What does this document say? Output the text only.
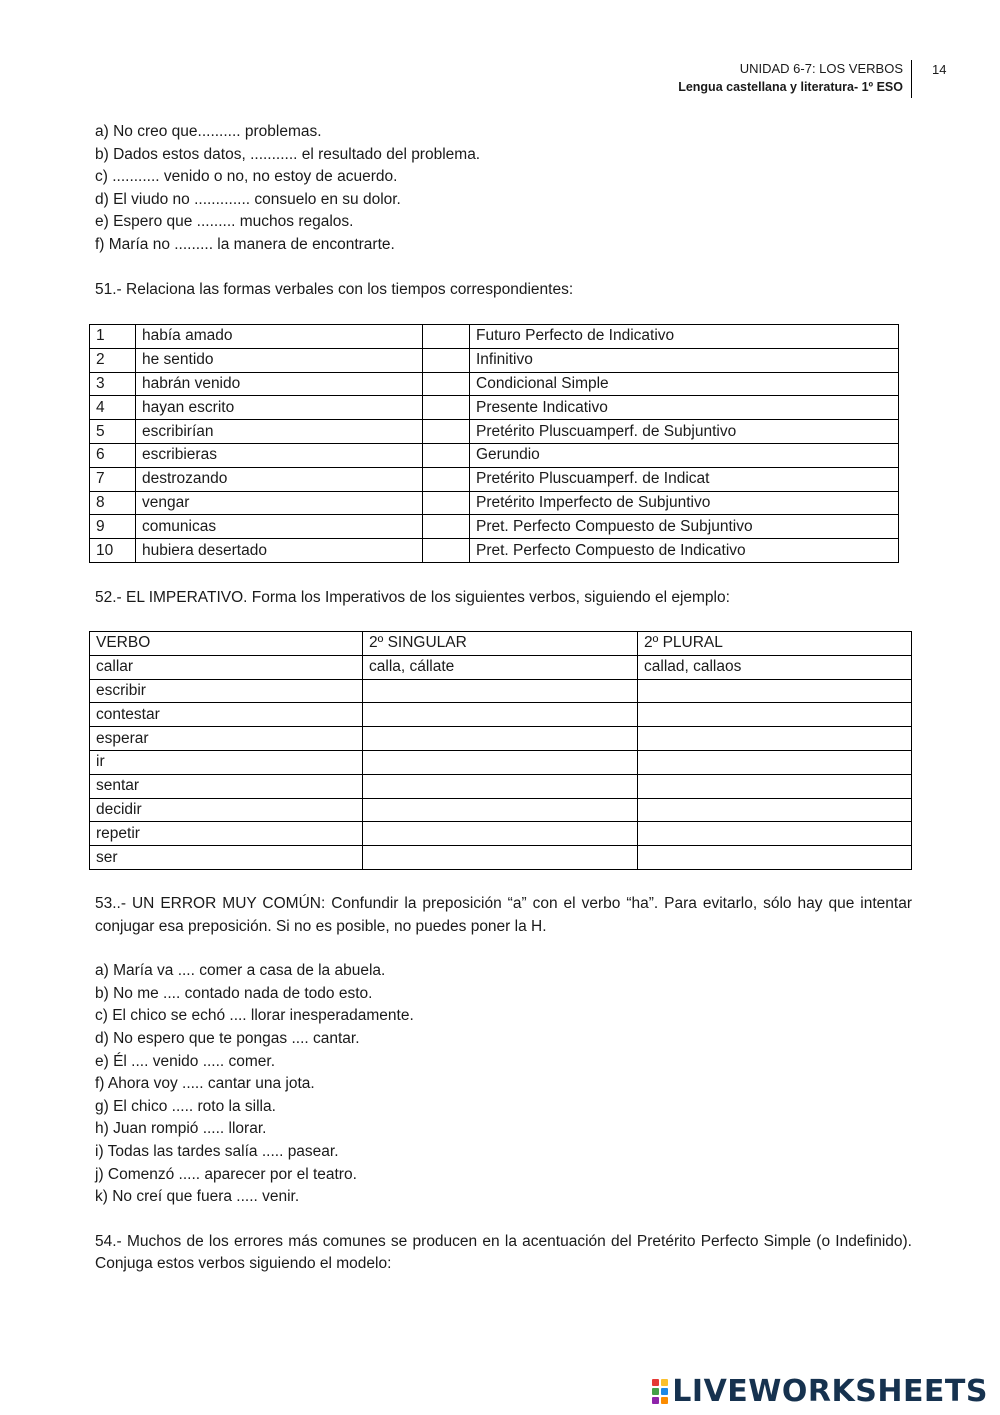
UNIDAD 6-7: LOS VERBOS
Lengua castellana y literatura- 1º ESO
14
a) No creo que.......... problemas.
b) Dados estos datos, ........... el resultado del problema.
c) ........... venido o no, no estoy de acuerdo.
d) El viudo no ............. consuelo en su dolor.
e) Espero que ......... muchos regalos.
f) María no ......... la manera de encontrarte.
51.- Relaciona las formas verbales con los tiempos correspondientes:
1	había amado		Futuro Perfecto de Indicativo
2	he sentido		Infinitivo
3	habrán venido		Condicional Simple
4	hayan escrito		Presente Indicativo
5	escribirían		Pretérito Pluscuamperf. de Subjuntivo
6	escribieras		Gerundio
7	destrozando		Pretérito Pluscuamperf. de Indicat
8	vengar		Pretérito Imperfecto de Subjuntivo
9	comunicas		Pret. Perfecto Compuesto de Subjuntivo
10	hubiera desertado		Pret. Perfecto Compuesto de Indicativo
52.- EL IMPERATIVO. Forma los Imperativos de los siguientes verbos, siguiendo el ejemplo:
VERBO	2º SINGULAR	2º PLURAL
callar	calla, cállate	callad, callaos
escribir		
contestar		
esperar		
ir		
sentar		
decidir		
repetir		
ser		
53..- UN ERROR MUY COMÚN: Confundir la preposición “a” con el verbo “ha”. Para evitarlo, sólo hay que intentar conjugar esa preposición. Si no es posible, no puedes poner la H.
a) María va .... comer a casa de la abuela.
b) No me .... contado nada de todo esto.
c) El chico se echó .... llorar inesperadamente.
d) No espero que te pongas .... cantar.
e) Él .... venido ..... comer.
f) Ahora voy ..... cantar una jota.
g) El chico ..... roto la silla.
h) Juan rompió ..... llorar.
i) Todas las tardes salía ..... pasear.
j) Comenzó ..... aparecer por el teatro.
k) No creí que fuera ..... venir.
54.- Muchos de los errores más comunes se producen en la acentuación del Pretérito Perfecto Simple (o Indefinido). Conjuga estos verbos siguiendo el modelo:
LIVEWORKSHEETS
